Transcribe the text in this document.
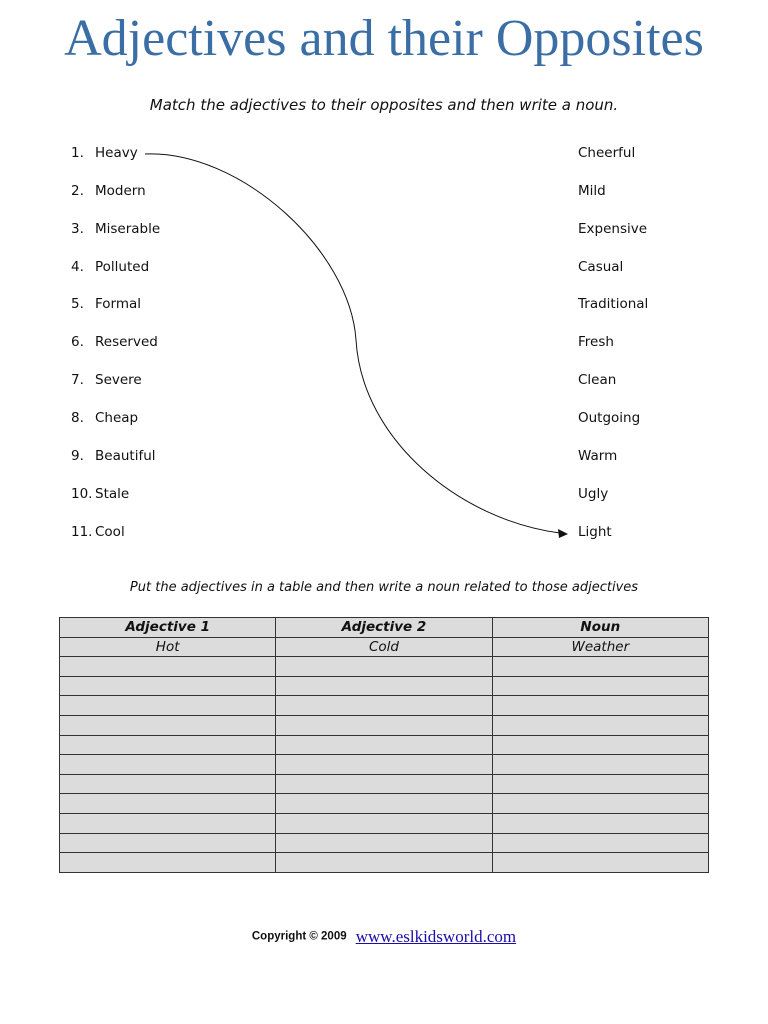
Adjectives and their Opposites
Match the adjectives to their opposites and then write a noun.
1. Heavy
2. Modern
3. Miserable
4. Polluted
5. Formal
6. Reserved
7. Severe
8. Cheap
9. Beautiful
10. Stale
11. Cool
Cheerful
Mild
Expensive
Casual
Traditional
Fresh
Clean
Outgoing
Warm
Ugly
Light
Put the adjectives in a table and then write a noun related to those adjectives
Adjective 1	Adjective 2	Noun
Hot	Cold	Weather

Copyright © 2009 www.eslkidsworld.com
